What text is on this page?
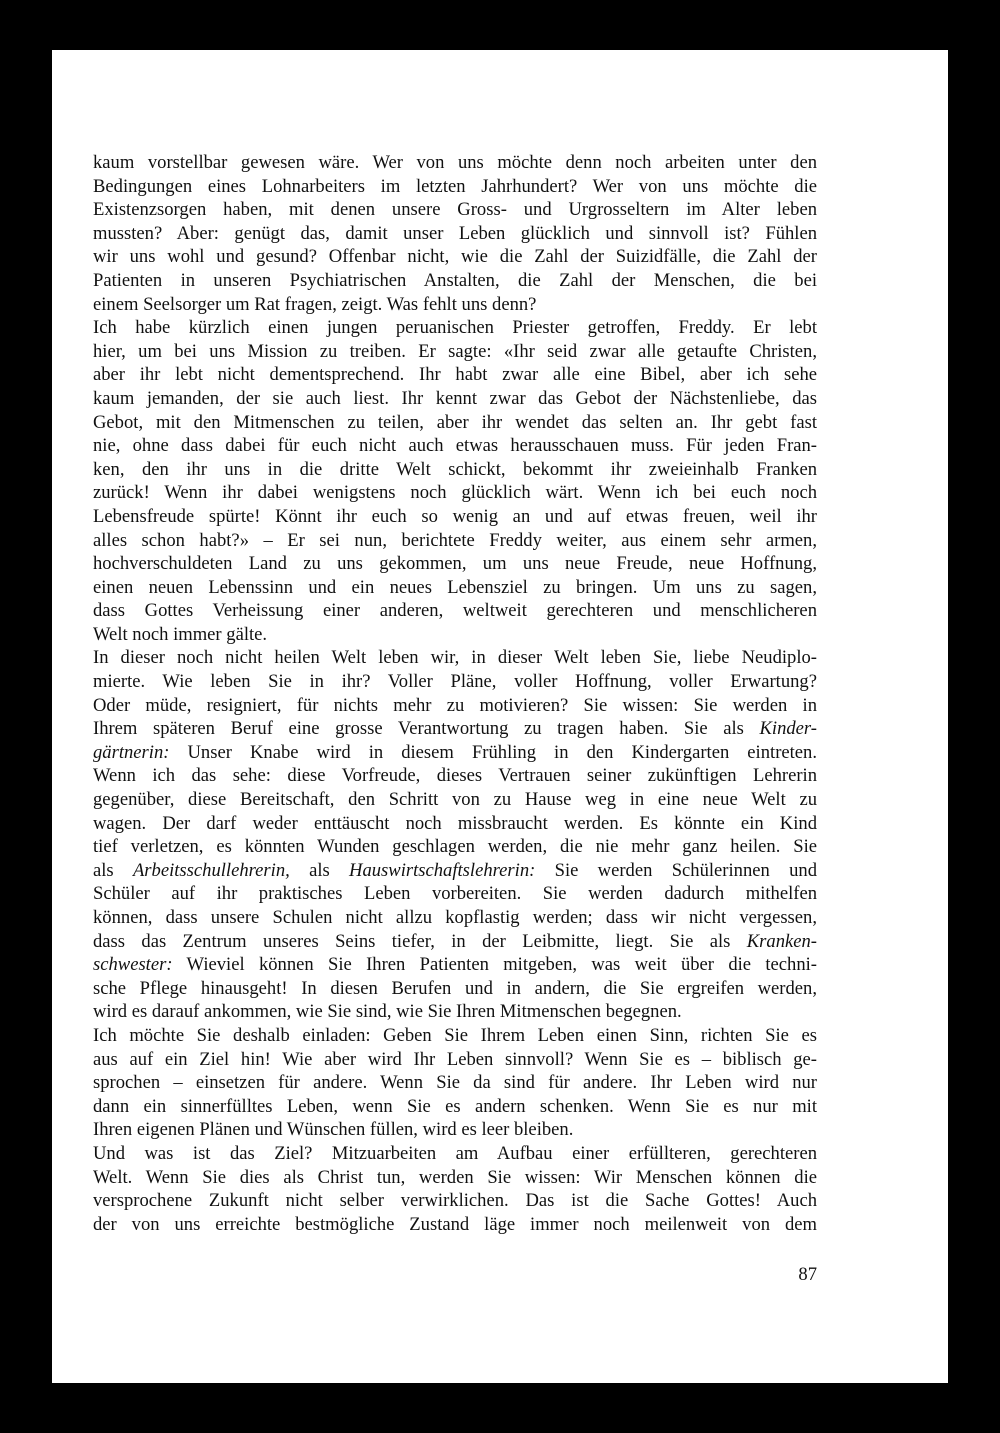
kaum vorstellbar gewesen wäre. Wer von uns möchte denn noch arbeiten unter den
Bedingungen eines Lohnarbeiters im letzten Jahrhundert? Wer von uns möchte die
Existenzsorgen haben, mit denen unsere Gross- und Urgrosseltern im Alter leben
mussten? Aber: genügt das, damit unser Leben glücklich und sinnvoll ist? Fühlen
wir uns wohl und gesund? Offenbar nicht, wie die Zahl der Suizidfälle, die Zahl der
Patienten in unseren Psychiatrischen Anstalten, die Zahl der Menschen, die bei
einem Seelsorger um Rat fragen, zeigt. Was fehlt uns denn?

Ich habe kürzlich einen jungen peruanischen Priester getroffen, Freddy. Er lebt
hier, um bei uns Mission zu treiben. Er sagte: «Ihr seid zwar alle getaufte Christen,
aber ihr lebt nicht dementsprechend. Ihr habt zwar alle eine Bibel, aber ich sehe
kaum jemanden, der sie auch liest. Ihr kennt zwar das Gebot der Nächstenliebe, das
Gebot, mit den Mitmenschen zu teilen, aber ihr wendet das selten an. Ihr gebt fast
nie, ohne dass dabei für euch nicht auch etwas herausschauen muss. Für jeden Fran-
ken, den ihr uns in die dritte Welt schickt, bekommt ihr zweieinhalb Franken
zurück! Wenn ihr dabei wenigstens noch glücklich wärt. Wenn ich bei euch noch
Lebensfreude spürte! Könnt ihr euch so wenig an und auf etwas freuen, weil ihr
alles schon habt?» – Er sei nun, berichtete Freddy weiter, aus einem sehr armen,
hochverschuldeten Land zu uns gekommen, um uns neue Freude, neue Hoffnung,
einen neuen Lebenssinn und ein neues Lebensziel zu bringen. Um uns zu sagen,
dass Gottes Verheissung einer anderen, weltweit gerechteren und menschlicheren
Welt noch immer gälte.

In dieser noch nicht heilen Welt leben wir, in dieser Welt leben Sie, liebe Neudiplo-
mierte. Wie leben Sie in ihr? Voller Pläne, voller Hoffnung, voller Erwartung?
Oder müde, resigniert, für nichts mehr zu motivieren? Sie wissen: Sie werden in
Ihrem späteren Beruf eine grosse Verantwortung zu tragen haben. Sie als Kinder-
gärtnerin: Unser Knabe wird in diesem Frühling in den Kindergarten eintreten.
Wenn ich das sehe: diese Vorfreude, dieses Vertrauen seiner zukünftigen Lehrerin
gegenüber, diese Bereitschaft, den Schritt von zu Hause weg in eine neue Welt zu
wagen. Der darf weder enttäuscht noch missbraucht werden. Es könnte ein Kind
tief verletzen, es könnten Wunden geschlagen werden, die nie mehr ganz heilen. Sie
als Arbeitsschullehrerin, als Hauswirtschaftslehrerin: Sie werden Schülerinnen und
Schüler auf ihr praktisches Leben vorbereiten. Sie werden dadurch mithelfen
können, dass unsere Schulen nicht allzu kopflastig werden; dass wir nicht vergessen,
dass das Zentrum unseres Seins tiefer, in der Leibmitte, liegt. Sie als Kranken-
schwester: Wieviel können Sie Ihren Patienten mitgeben, was weit über die techni-
sche Pflege hinausgeht! In diesen Berufen und in andern, die Sie ergreifen werden,
wird es darauf ankommen, wie Sie sind, wie Sie Ihren Mitmenschen begegnen.

Ich möchte Sie deshalb einladen: Geben Sie Ihrem Leben einen Sinn, richten Sie es
aus auf ein Ziel hin! Wie aber wird Ihr Leben sinnvoll? Wenn Sie es – biblisch ge-
sprochen – einsetzen für andere. Wenn Sie da sind für andere. Ihr Leben wird nur
dann ein sinnerfülltes Leben, wenn Sie es andern schenken. Wenn Sie es nur mit
Ihren eigenen Plänen und Wünschen füllen, wird es leer bleiben.

Und was ist das Ziel? Mitzuarbeiten am Aufbau einer erfüllteren, gerechteren
Welt. Wenn Sie dies als Christ tun, werden Sie wissen: Wir Menschen können die
versprochene Zukunft nicht selber verwirklichen. Das ist die Sache Gottes! Auch
der von uns erreichte bestmögliche Zustand läge immer noch meilenweit von dem

87
